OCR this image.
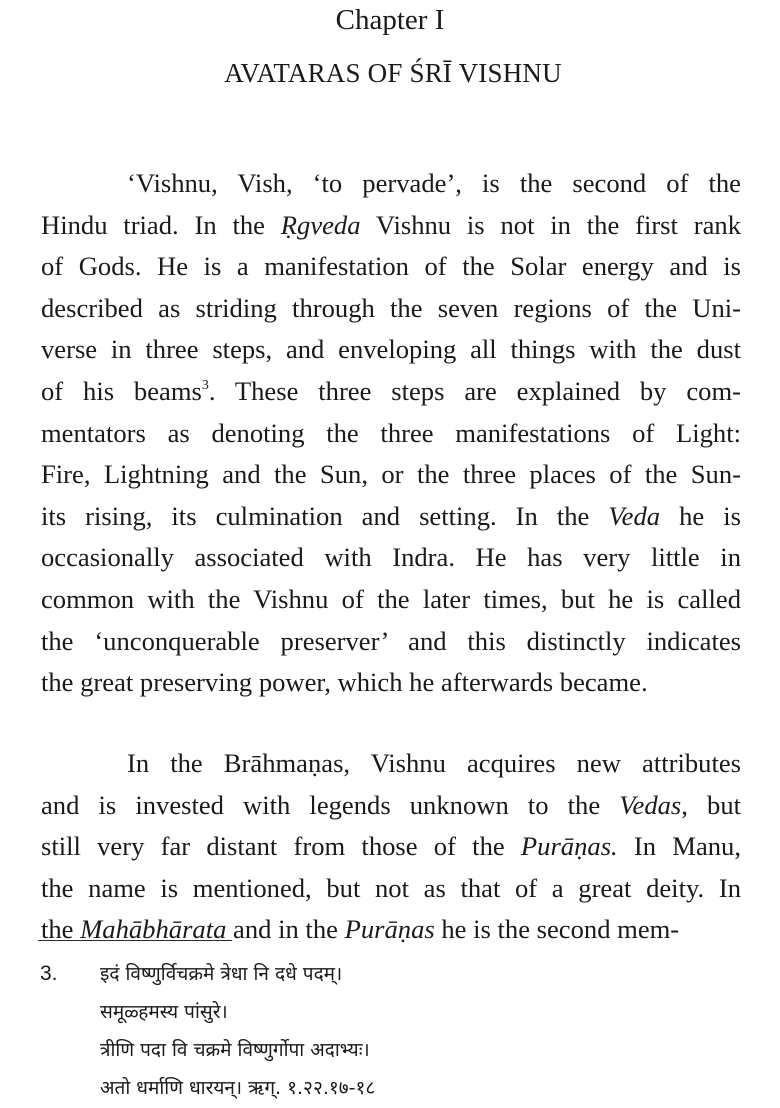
Chapter I
AVATARAS OF ŚRĪ VISHNU
‘Vishnu, Vish, ‘to pervade’, is the second of the
Hindu triad. In the Ṛgveda Vishnu is not in the first rank
of Gods. He is a manifestation of the Solar energy and is
described as striding through the seven regions of the Uni-
verse in three steps, and enveloping all things with the dust
of his beams$^3$. These three steps are explained by com-
mentators as denoting the three manifestations of Light:
Fire, Lightning and the Sun, or the three places of the Sun-
its rising, its culmination and setting. In the Veda he is
occasionally associated with Indra. He has very little in
common with the Vishnu of the later times, but he is called
the ‘unconquerable preserver’ and this distinctly indicates
the great preserving power, which he afterwards became.
In the Brāhmaṇas, Vishnu acquires new attributes
and is invested with legends unknown to the Vedas, but
still very far distant from those of the Purāṇas. In Manu,
the name is mentioned, but not as that of a great deity. In
the Mahābhārata and in the Purāṇas he is the second mem-
3. इदं विष्णुर्विचक्रमे त्रेधा नि दधे पदम्।
समूळ्हमस्य पांसुरे।
त्रीणि पदा वि चक्रमे विष्णुर्गोपा अदाभ्यः।
अतो धर्माणि धारयन्। ऋग्. १.२२.१७-१८
